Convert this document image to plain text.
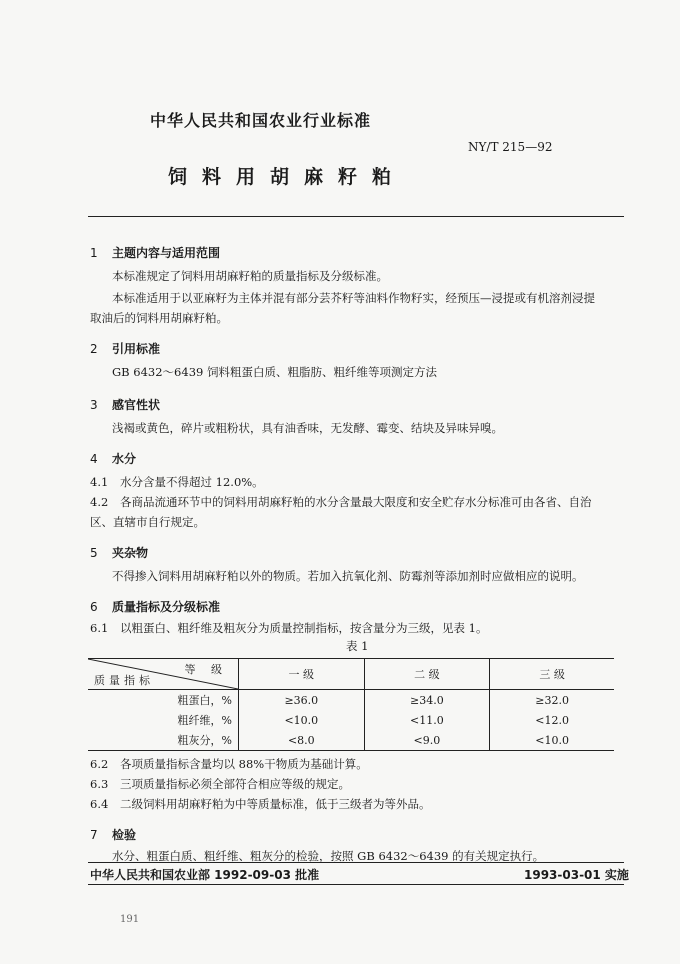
中华人民共和国农业行业标准
NY/T 215—92
饲料用胡麻籽粕
1 主题内容与适用范围
本标准规定了饲料用胡麻籽粕的质量指标及分级标准。
本标准适用于以亚麻籽为主体并混有部分芸芥籽等油料作物籽实，经预压—浸提或有机溶剂浸提
取油后的饲料用胡麻籽粕。
2 引用标准
GB 6432～6439 饲料粗蛋白质、粗脂肪、粗纤维等项测定方法
3 感官性状
浅褐或黄色，碎片或粗粉状，具有油香味，无发酵、霉变、结块及异味异嗅。
4 水分
4.1 水分含量不得超过 12.0%。
4.2 各商品流通环节中的饲料用胡麻籽粕的水分含量最大限度和安全贮存水分标准可由各省、自治
区、直辖市自行规定。
5 夹杂物
不得掺入饲料用胡麻籽粕以外的物质。若加入抗氧化剂、防霉剂等添加剂时应做相应的说明。
6 质量指标及分级标准
6.1 以粗蛋白、粗纤维及粗灰分为质量控制指标，按含量分为三级，见表 1。
表 1
等 级
质量指标	一 级	二 级	三 级
粗蛋白，%	≥36.0	≥34.0	≥32.0
粗纤维，%	<10.0	<11.0	<12.0
粗灰分，%	<8.0	<9.0	<10.0
6.2 各项质量指标含量均以 88%干物质为基础计算。
6.3 三项质量指标必须全部符合相应等级的规定。
6.4 二级饲料用胡麻籽粕为中等质量标准，低于三级者为等外品。
7 检验
水分、粗蛋白质、粗纤维、粗灰分的检验，按照 GB 6432～6439 的有关规定执行。
中华人民共和国农业部 1992-09-03 批准	1993-03-01 实施
191
